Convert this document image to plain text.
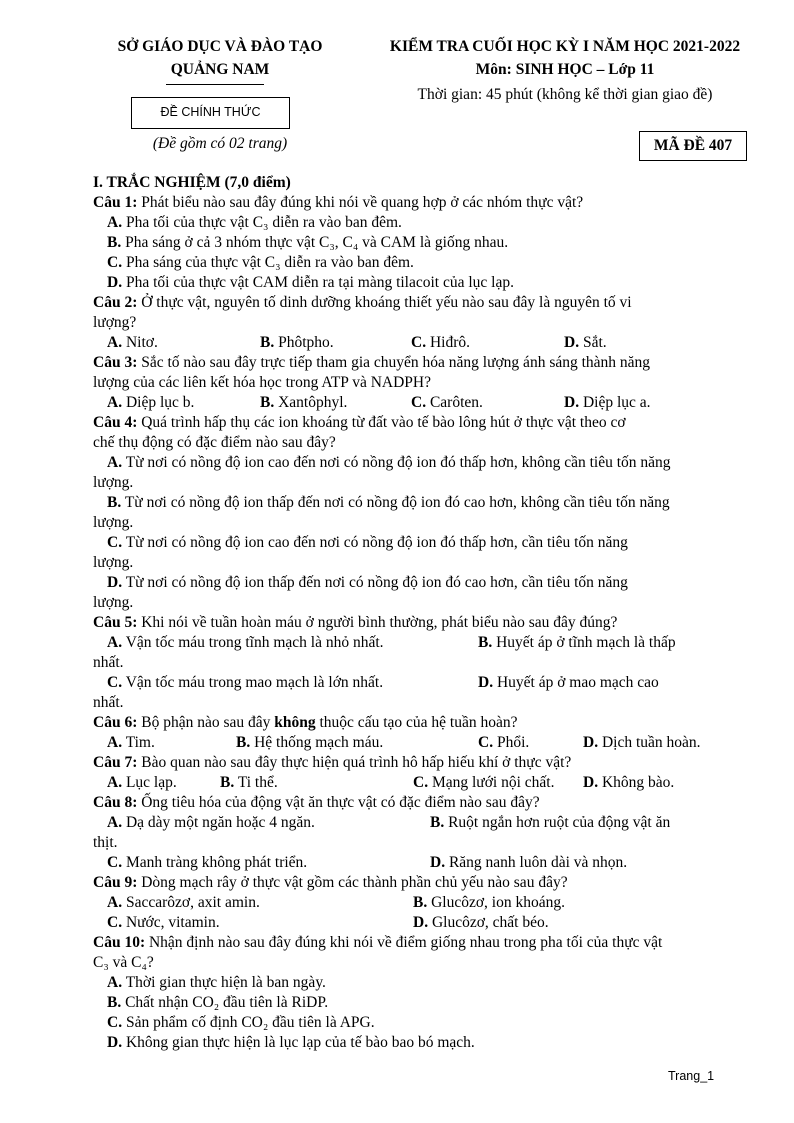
SỞ GIÁO DỤC VÀ ĐÀO TẠO
QUẢNG NAM
ĐỀ CHÍNH THỨC
(Đề gồm có 02 trang)
KIỂM TRA CUỐI HỌC KỲ I NĂM HỌC 2021-2022
Môn: SINH HỌC – Lớp 11
Thời gian: 45 phút (không kể thời gian giao đề)
MÃ ĐỀ 407
I. TRẮC NGHIỆM (7,0 điểm)
Câu 1: Phát biểu nào sau đây đúng khi nói về quang hợp ở các nhóm thực vật?
A. Pha tối của thực vật C₃ diễn ra vào ban đêm.
B. Pha sáng ở cả 3 nhóm thực vật C₃, C₄ và CAM là giống nhau.
C. Pha sáng của thực vật C₃ diễn ra vào ban đêm.
D. Pha tối của thực vật CAM diễn ra tại màng tilacoit của lục lạp.
Câu 2: Ở thực vật, nguyên tố dinh dưỡng khoáng thiết yếu nào sau đây là nguyên tố vi
lượng?
A. Nitơ.	B. Phôtpho.	C. Hiđrô.	D. Sắt.
Câu 3: Sắc tố nào sau đây trực tiếp tham gia chuyển hóa năng lượng ánh sáng thành năng
lượng của các liên kết hóa học trong ATP và NADPH?
A. Diệp lục b.	B. Xantôphyl.	C. Carôten.	D. Diệp lục a.
Câu 4: Quá trình hấp thụ các ion khoáng từ đất vào tế bào lông hút ở thực vật theo cơ
chế thụ động có đặc điểm nào sau đây?
A. Từ nơi có nồng độ ion cao đến nơi có nồng độ ion đó thấp hơn, không cần tiêu tốn năng
lượng.
B. Từ nơi có nồng độ ion thấp đến nơi có nồng độ ion đó cao hơn, không cần tiêu tốn năng
lượng.
C. Từ nơi có nồng độ ion cao đến nơi có nồng độ ion đó thấp hơn, cần tiêu tốn năng
lượng.
D. Từ nơi có nồng độ ion thấp đến nơi có nồng độ ion đó cao hơn, cần tiêu tốn năng
lượng.
Câu 5: Khi nói về tuần hoàn máu ở người bình thường, phát biểu nào sau đây đúng?
A. Vận tốc máu trong tĩnh mạch là nhỏ nhất.	B. Huyết áp ở tĩnh mạch là thấp
nhất.
C. Vận tốc máu trong mao mạch là lớn nhất.	D. Huyết áp ở mao mạch cao
nhất.
Câu 6: Bộ phận nào sau đây không thuộc cấu tạo của hệ tuần hoàn?
A. Tim.	B. Hệ thống mạch máu.	C. Phổi.	D. Dịch tuần hoàn.
Câu 7: Bào quan nào sau đây thực hiện quá trình hô hấp hiếu khí ở thực vật?
A. Lục lạp.	B. Ti thể.	C. Mạng lưới nội chất. D. Không bào.
Câu 8: Ống tiêu hóa của động vật ăn thực vật có đặc điểm nào sau đây?
A. Dạ dày một ngăn hoặc 4 ngăn.	B. Ruột ngắn hơn ruột của động vật ăn
thịt.
C. Manh tràng không phát triển.	D. Răng nanh luôn dài và nhọn.
Câu 9: Dòng mạch rây ở thực vật gồm các thành phần chủ yếu nào sau đây?
A. Saccarôzơ, axit amin.	B. Glucôzơ, ion khoáng.
C. Nước, vitamin.	D. Glucôzơ, chất béo.
Câu 10: Nhận định nào sau đây đúng khi nói về điểm giống nhau trong pha tối của thực vật
C₃ và C₄?
A. Thời gian thực hiện là ban ngày.
B. Chất nhận CO₂ đầu tiên là RiDP.
C. Sản phẩm cố định CO₂ đầu tiên là APG.
D. Không gian thực hiện là lục lạp của tế bào bao bó mạch.
Trang_1
